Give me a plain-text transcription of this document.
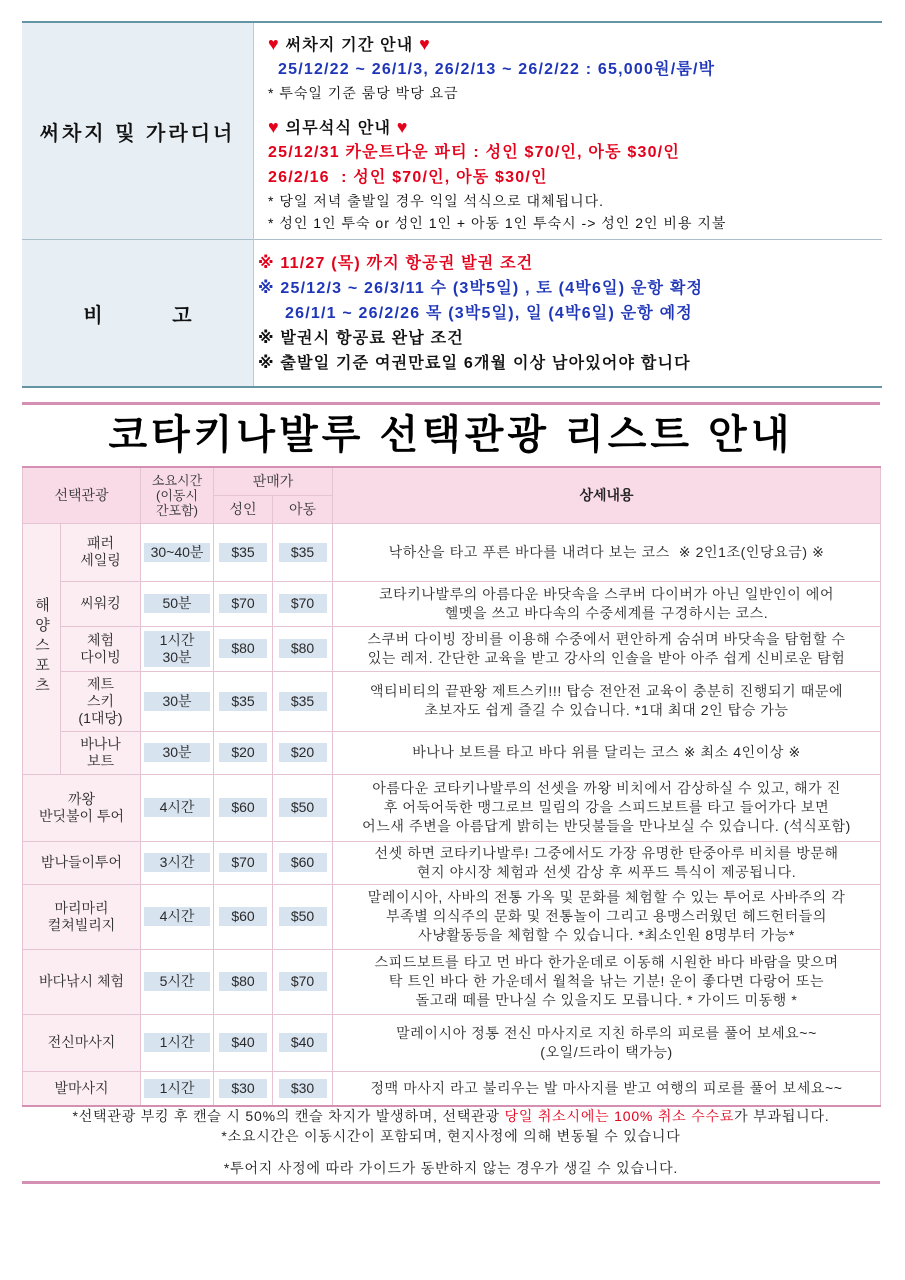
써차지 및 가라디너
♥ 써차지 기간 안내 ♥
25/12/22 ~ 26/1/3, 26/2/13 ~ 26/2/22 : 65,000원/룸/박
* 투숙일 기준 룸당 박당 요금
♥ 의무석식 안내 ♥
25/12/31 카운트다운 파티 : 성인 $70/인, 아동 $30/인
26/2/16  : 성인 $70/인, 아동 $30/인
* 당일 저녁 출발일 경우 익일 석식으로 대체됩니다.
* 성인 1인 투숙 or 성인 1인 + 아동 1인 투숙시 -> 성인 2인 비용 지불
비 고
※ 11/27 (목) 까지 항공권 발권 조건
※ 25/12/3 ~ 26/3/11 수 (3박5일) , 토 (4박6일) 운항 확정
26/1/1 ~ 26/2/26 목 (3박5일), 일 (4박6일) 운항 예정
※ 발권시 항공료 완납 조건
※ 출발일 기준 여권만료일 6개월 이상 남아있어야 합니다
코타키나발루 선택관광 리스트 안내
선택관광		소요시간
(이동시
간포함)	판매가		상세내용
			성인	아동	
해양스포츠	패러
세일링	30~40분	$35	$35	낙하산을 타고 푸른 바다를 내려다 보는 코스  ※ 2인1조(인당요금) ※

	씨워킹	50분	$70	$70	코타키나발루의 아름다운 바닷속을 스쿠버 다이버가 아닌 일반인이 에어
헬멧을 쓰고 바다속의 수중세계를 구경하시는 코스.

	체험
다이빙	1시간
30분	$80	$80	스쿠버 다이빙 장비를 이용해 수중에서 편안하게 숨쉬며 바닷속을 탐험할 수
있는 레저. 간단한 교육을 받고 강사의 인솔을 받아 아주 쉽게 신비로운 탐험

	제트
스키
(1대당)	30분	$35	$35	액티비티의 끝판왕 제트스키!!! 탑승 전안전 교육이 충분히 진행되기 때문에
초보자도 쉽게 즐길 수 있습니다. *1대 최대 2인 탑승 가능

	바나나
보트	30분	$20	$20	바나나 보트를 타고 바다 위를 달리는 코스 ※ 최소 4인이상 ※

까왕
반딧불이 투어		4시간	$60	$50	아름다운 코타키나발루의 선셋을 까왕 비치에서 감상하실 수 있고, 해가 진
후 어둑어둑한 맹그로브 밀림의 강을 스피드보트를 타고 들어가다 보면
어느새 주변을 아름답게 밝히는 반딧불들을 만나보실 수 있습니다. (석식포함)

밤나들이투어		3시간	$70	$60	선셋 하면 코타키나발루! 그중에서도 가장 유명한 탄중아루 비치를 방문해
현지 야시장 체험과 선셋 감상 후 씨푸드 특식이 제공됩니다.

마리마리
컬쳐빌리지		4시간	$60	$50	말레이시아, 사바의 전통 가옥 및 문화를 체험할 수 있는 투어로 사바주의 각
부족별 의식주의 문화 및 전통놀이 그리고 용맹스러웠던 헤드헌터들의
사냥활동등을 체험할 수 있습니다. *최소인원 8명부터 가능*

바다낚시 체험		5시간	$80	$70	스피드보트를 타고 먼 바다 한가운데로 이동해 시원한 바다 바람을 맞으며
탁 트인 바다 한 가운데서 월척을 낚는 기분! 운이 좋다면 다랑어 또는
돌고래 떼를 만나실 수 있을지도 모릅니다. * 가이드 미동행 *

전신마사지		1시간	$40	$40	말레이시아 정통 전신 마사지로 지친 하루의 피로를 풀어 보세요~~
(오일/드라이 택가능)

발마사지		1시간	$30	$30	정맥 마사지 라고 불리우는 발 마사지를 받고 여행의 피로를 풀어 보세요~~
*선택관광 부킹 후 캔슬 시 50%의 캔슬 차지가 발생하며, 선택관광 당일 취소시에는 100% 취소 수수료가 부과됩니다.
*소요시간은 이동시간이 포함되며, 현지사정에 의해 변동될 수 있습니다
*투어지 사정에 따라 가이드가 동반하지 않는 경우가 생길 수 있습니다.
